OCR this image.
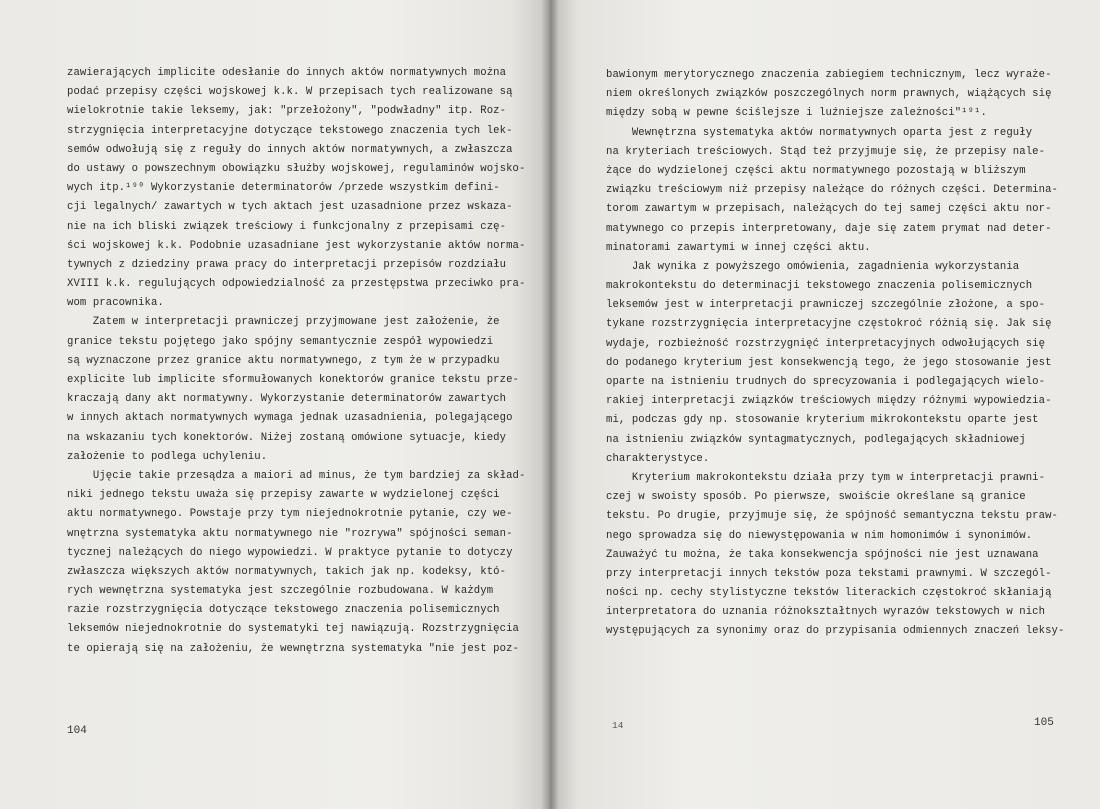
zawierających implicite odesłanie do innych aktów normatywnych można
podać przepisy części wojskowej k.k. W przepisach tych realizowane są
wielokrotnie takie leksemy, jak: "przełożony", "podwładny" itp. Roz-
strzygnięcia interpretacyjne dotyczące tekstowego znaczenia tych lek-
semów odwołują się z reguły do innych aktów normatywnych, a zwłaszcza
do ustawy o powszechnym obowiązku służby wojskowej, regulaminów wojsko-
wych itp.¹⁹⁰ Wykorzystanie determinatorów /przede wszystkim defini-
cji legalnych/ zawartych w tych aktach jest uzasadnione przez wskaza-
nie na ich bliski związek treściowy i funkcjonalny z przepisami czę-
ści wojskowej k.k. Podobnie uzasadniane jest wykorzystanie aktów norma-
tywnych z dziedziny prawa pracy do interpretacji przepisów rozdziału
XVIII k.k. regulujących odpowiedzialność za przestępstwa przeciwko pra-
wom pracownika.
Zatem w interpretacji prawniczej przyjmowane jest założenie, że
granice tekstu pojętego jako spójny semantycznie zespół wypowiedzi
są wyznaczone przez granice aktu normatywnego, z tym że w przypadku
explicite lub implicite sformułowanych konektorów granice tekstu prze-
kraczają dany akt normatywny. Wykorzystanie determinatorów zawartych
w innych aktach normatywnych wymaga jednak uzasadnienia, polegającego
na wskazaniu tych konektorów. Niżej zostaną omówione sytuacje, kiedy
założenie to podlega uchyleniu.
Ujęcie takie przesądza a maiori ad minus, że tym bardziej za skład-
niki jednego tekstu uważa się przepisy zawarte w wydzielonej części
aktu normatywnego. Powstaje przy tym niejednokrotnie pytanie, czy we-
wnętrzna systematyka aktu normatywnego nie "rozrywa" spójności seman-
tycznej należących do niego wypowiedzi. W praktyce pytanie to dotyczy
zwłaszcza większych aktów normatywnych, takich jak np. kodeksy, któ-
rych wewnętrzna systematyka jest szczególnie rozbudowana. W każdym
razie rozstrzygnięcia dotyczące tekstowego znaczenia polisemicznych
leksemów niejednokrotnie do systematyki tej nawiązują. Rozstrzygnięcia
te opierają się na założeniu, że wewnętrzna systematyka "nie jest poz-
104
bawionym merytorycznego znaczenia zabiegiem technicznym, lecz wyraże-
niem określonych związków poszczególnych norm prawnych, wiążących się
między sobą w pewne ściślejsze i luźniejsze zależności"¹⁹¹.
Wewnętrzna systematyka aktów normatywnych oparta jest z reguły
na kryteriach treściowych. Stąd też przyjmuje się, że przepisy nale-
żące do wydzielonej części aktu normatywnego pozostają w bliższym
związku treściowym niż przepisy należące do różnych części. Determina-
torom zawartym w przepisach, należących do tej samej części aktu nor-
matywnego co przepis interpretowany, daje się zatem prymat nad deter-
minatorami zawartymi w innej części aktu.
Jak wynika z powyższego omówienia, zagadnienia wykorzystania
makrokontekstu do determinacji tekstowego znaczenia polisemicznych
leksemów jest w interpretacji prawniczej szczególnie złożone, a spo-
tykane rozstrzygnięcia interpretacyjne częstokroć różnią się. Jak się
wydaje, rozbieżność rozstrzygnięć interpretacyjnych odwołujących się
do podanego kryterium jest konsekwencją tego, że jego stosowanie jest
oparte na istnieniu trudnych do sprecyzowania i podlegających wielo-
rakiej interpretacji związków treściowych między różnymi wypowiedzia-
mi, podczas gdy np. stosowanie kryterium mikrokontekstu oparte jest
na istnieniu związków syntagmatycznych, podlegających składniowej
charakterystyce.
Kryterium makrokontekstu działa przy tym w interpretacji prawni-
czej w swoisty sposób. Po pierwsze, swoiście określane są granice
tekstu. Po drugie, przyjmuje się, że spójność semantyczna tekstu praw-
nego sprowadza się do niewystępowania w nim homonimów i synonimów.
Zauważyć tu można, że taka konsekwencja spójności nie jest uznawana
przy interpretacji innych tekstów poza tekstami prawnymi. W szczegól-
ności np. cechy stylistyczne tekstów literackich częstokroć skłaniają
interpretatora do uznania różnokształtnych wyrazów tekstowych w nich
występujących za synonimy oraz do przypisania odmiennych znaczeń leksy-
14	105
